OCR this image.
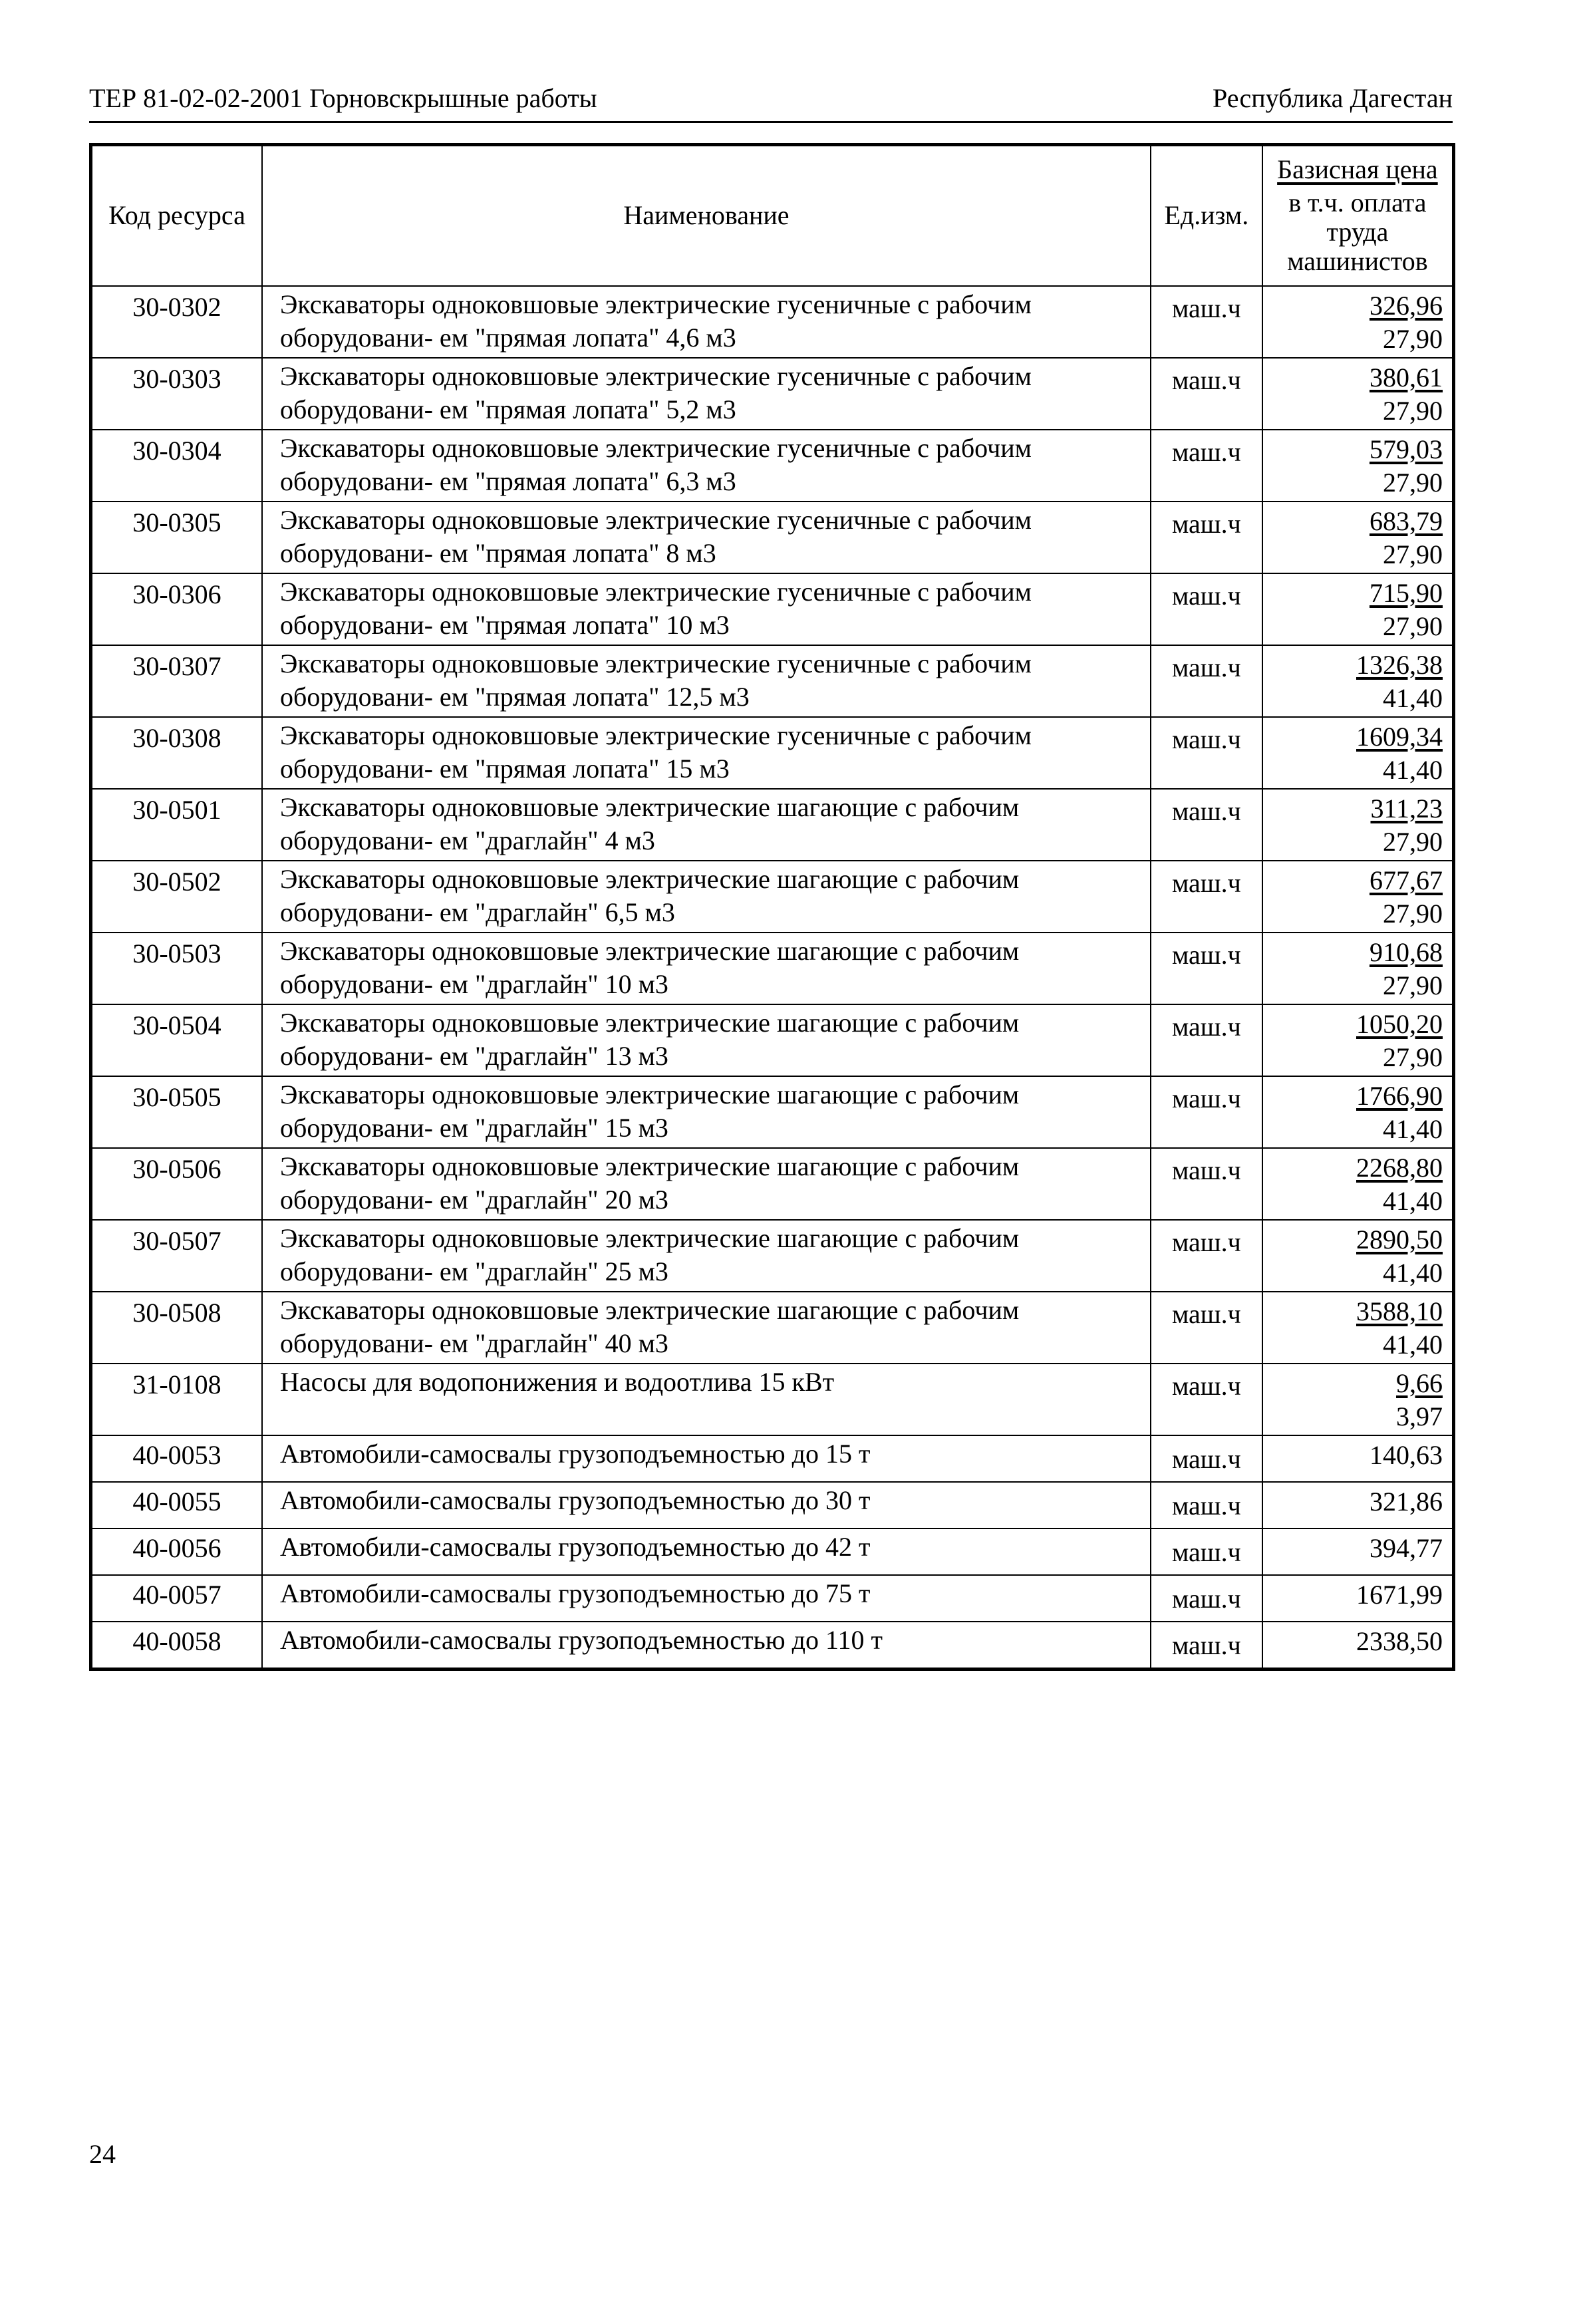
ТЕР 81-02-02-2001 Горновскрышные работы	Республика Дагестан
Код ресурса	Наименование	Ед.изм.	Базисная цена
в т.ч. оплата труда машинистов

30-0302	Экскаваторы одноковшовые электрические гусеничные с рабочим оборудовани- ем "прямая лопата" 4,6 м3	маш.ч	326,96
27,90

30-0303	Экскаваторы одноковшовые электрические гусеничные с рабочим оборудовани- ем "прямая лопата" 5,2 м3	маш.ч	380,61
27,90

30-0304	Экскаваторы одноковшовые электрические гусеничные с рабочим оборудовани- ем "прямая лопата" 6,3 м3	маш.ч	579,03
27,90

30-0305	Экскаваторы одноковшовые электрические гусеничные с рабочим оборудовани- ем "прямая лопата" 8 м3	маш.ч	683,79
27,90

30-0306	Экскаваторы одноковшовые электрические гусеничные с рабочим оборудовани- ем "прямая лопата" 10 м3	маш.ч	715,90
27,90

30-0307	Экскаваторы одноковшовые электрические гусеничные с рабочим оборудовани- ем "прямая лопата" 12,5 м3	маш.ч	1326,38
41,40

30-0308	Экскаваторы одноковшовые электрические гусеничные с рабочим оборудовани- ем "прямая лопата" 15 м3	маш.ч	1609,34
41,40

30-0501	Экскаваторы одноковшовые электрические шагающие с рабочим оборудовани- ем "драглайн" 4 м3	маш.ч	311,23
27,90

30-0502	Экскаваторы одноковшовые электрические шагающие с рабочим оборудовани- ем "драглайн" 6,5 м3	маш.ч	677,67
27,90

30-0503	Экскаваторы одноковшовые электрические шагающие с рабочим оборудовани- ем "драглайн" 10 м3	маш.ч	910,68
27,90

30-0504	Экскаваторы одноковшовые электрические шагающие с рабочим оборудовани- ем "драглайн" 13 м3	маш.ч	1050,20
27,90

30-0505	Экскаваторы одноковшовые электрические шагающие с рабочим оборудовани- ем "драглайн" 15 м3	маш.ч	1766,90
41,40

30-0506	Экскаваторы одноковшовые электрические шагающие с рабочим оборудовани- ем "драглайн" 20 м3	маш.ч	2268,80
41,40

30-0507	Экскаваторы одноковшовые электрические шагающие с рабочим оборудовани- ем "драглайн" 25 м3	маш.ч	2890,50
41,40

30-0508	Экскаваторы одноковшовые электрические шагающие с рабочим оборудовани- ем "драглайн" 40 м3	маш.ч	3588,10
41,40

31-0108	Насосы для водопонижения и водоотлива 15 кВт	маш.ч	9,66
3,97

40-0053	Автомобили-самосвалы грузоподъемностью до 15 т	маш.ч	140,63
40-0055	Автомобили-самосвалы грузоподъемностью до 30 т	маш.ч	321,86
40-0056	Автомобили-самосвалы грузоподъемностью до 42 т	маш.ч	394,77
40-0057	Автомобили-самосвалы грузоподъемностью до 75 т	маш.ч	1671,99
40-0058	Автомобили-самосвалы грузоподъемностью до 110 т	маш.ч	2338,50
24
